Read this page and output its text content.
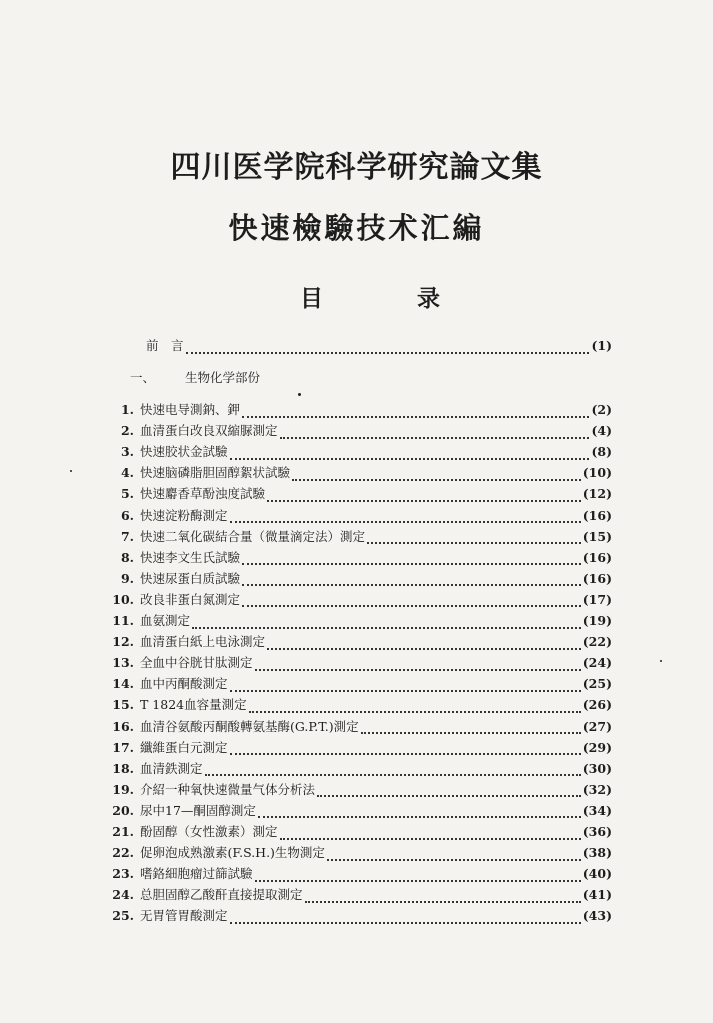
四川医学院科学研究論文集
快速檢驗技术汇編
目	录
前　言	(1)
一、 生物化学部份
1. 快速电导測鈉、鉀	(2)
2. 血清蛋白改良双縮脲測定	(4)
3. 快速胶状金試驗	(8)
4. 快速脑磷脂胆固醇絮状試驗	(10)
5. 快速麝香草酚浊度試驗	(12)
6. 快速淀粉酶測定	(16)
7. 快速二氧化碳結合量（微量滴定法）測定	(15)
8. 快速李文生氏試驗	(16)
9. 快速尿蛋白质試驗	(16)
10. 改良非蛋白氮測定	(17)
11. 血氨測定	(19)
12. 血清蛋白紙上电泳測定	(22)
13. 全血中谷胱甘肽測定	(24)
14. 血中丙酮酸測定	(25)
15. T 1824血容量測定	(26)
16. 血清谷氨酸丙酮酸轉氨基酶(G.P.T.)測定	(27)
17. 纖維蛋白元測定	(29)
18. 血清鉄測定	(30)
19. 介紹一种氧快速微量气体分析法	(32)
20. 尿中17—酮固醇測定	(34)
21. 酚固醇（女性激素）測定	(36)
22. 促卵泡成熟激素(F.S.H.)生物測定	(38)
23. 嗜鉻細胞瘤过篩試驗	(40)
24. 总胆固醇乙酸酐直接提取測定	(41)
25. 无胃管胃酸測定	(43)
